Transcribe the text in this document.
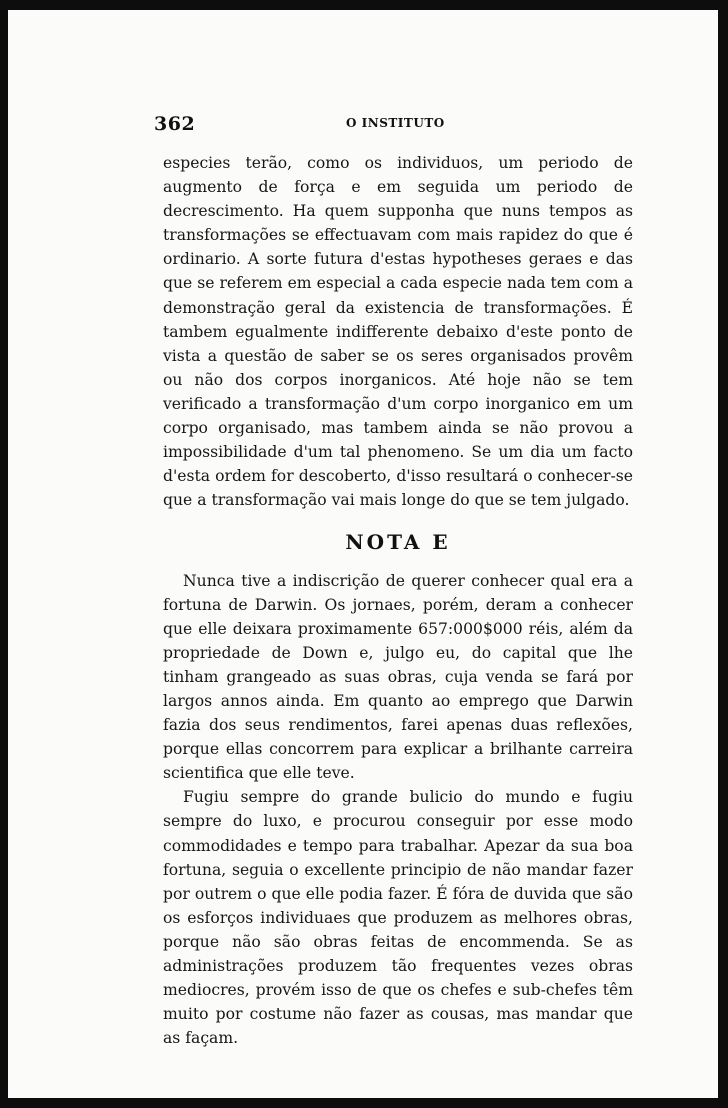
362	O INSTITUTO

especies terão, como os individuos, um periodo de augmento de força e em seguida um periodo de decrescimento. Ha quem supponha que nuns tempos as transformações se effectuavam com mais rapidez do que é ordinario. A sorte futura d'estas hypotheses geraes e das que se referem em especial a cada especie nada tem com a demonstração geral da existencia de transformações. É tambem egualmente indifferente debaixo d'este ponto de vista a questão de saber se os seres organisados provêm ou não dos corpos inorganicos. Até hoje não se tem verificado a transformação d'um corpo inorganico em um corpo organisado, mas tambem ainda se não provou a impossibilidade d'um tal phenomeno. Se um dia um facto d'esta ordem for descoberto, d'isso resultará o conhecer-se que a transformação vai mais longe do que se tem julgado.

NOTA E

Nunca tive a indiscrição de querer conhecer qual era a fortuna de Darwin. Os jornaes, porém, deram a conhecer que elle deixara proximamente 657:000$000 réis, além da propriedade de Down e, julgo eu, do capital que lhe tinham grangeado as suas obras, cuja venda se fará por largos annos ainda. Em quanto ao emprego que Darwin fazia dos seus rendimentos, farei apenas duas reflexões, porque ellas concorrem para explicar a brilhante carreira scientifica que elle teve.

Fugiu sempre do grande bulicio do mundo e fugiu sempre do luxo, e procurou conseguir por esse modo commodidades e tempo para trabalhar. Apezar da sua boa fortuna, seguia o excellente principio de não mandar fazer por outrem o que elle podia fazer. É fóra de duvida que são os esforços individuaes que produzem as melhores obras, porque não são obras feitas de encommenda. Se as administrações produzem tão frequentes vezes obras mediocres, provém isso de que os chefes e sub-chefes têm muito por costume não fazer as cousas, mas mandar que as façam.
